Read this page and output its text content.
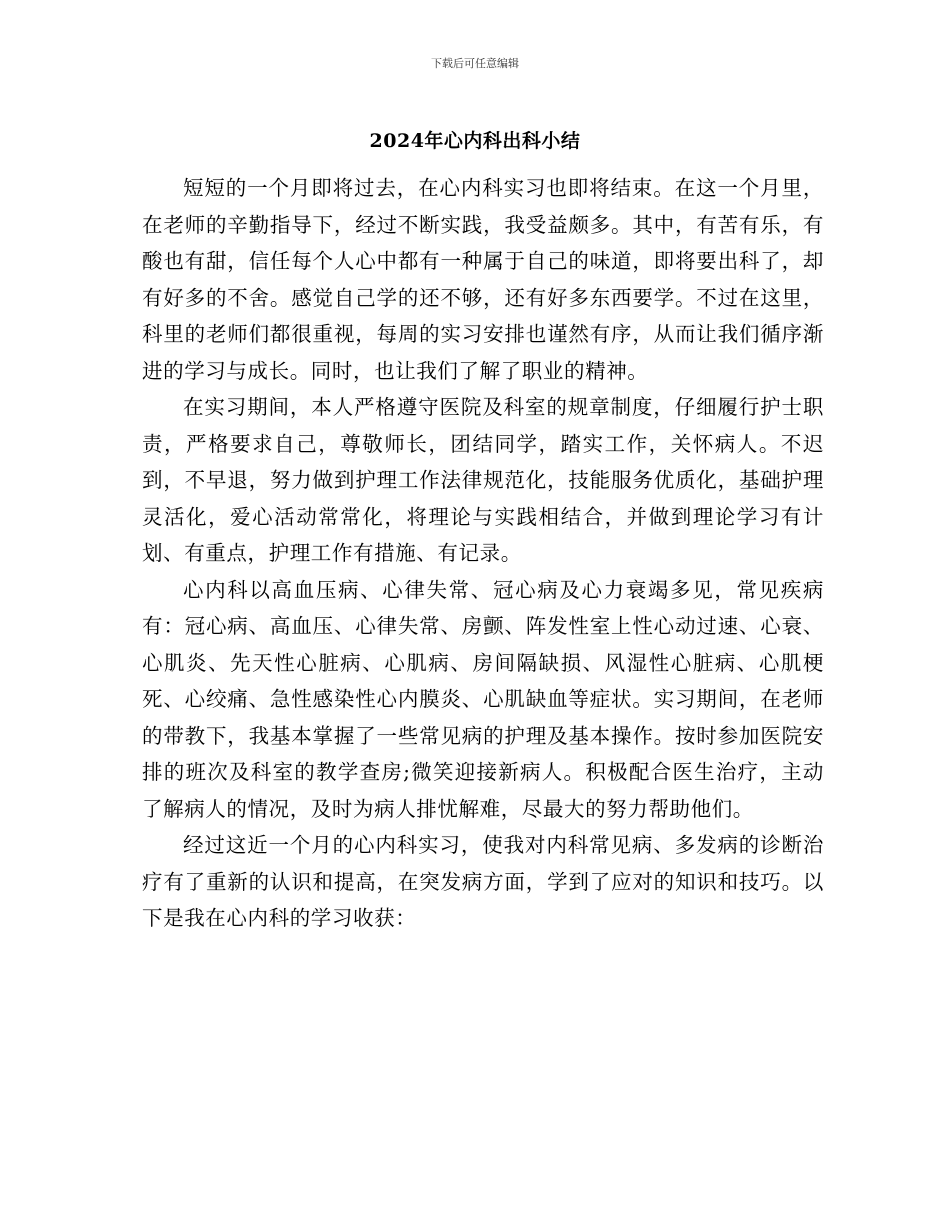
下载后可任意编辑
2024年心内科出科小结

短短的一个月即将过去，在心内科实习也即将结束。在这一个月里，在老师的辛勤指导下，经过不断实践，我受益颇多。其中，有苦有乐，有酸也有甜，信任每个人心中都有一种属于自己的味道，即将要出科了，却有好多的不舍。感觉自己学的还不够，还有好多东西要学。不过在这里，科里的老师们都很重视，每周的实习安排也谨然有序，从而让我们循序渐进的学习与成长。同时，也让我们了解了职业的精神。

在实习期间，本人严格遵守医院及科室的规章制度，仔细履行护士职责，严格要求自己，尊敬师长，团结同学，踏实工作，关怀病人。不迟到，不早退，努力做到护理工作法律规范化，技能服务优质化，基础护理灵活化，爱心活动常常化，将理论与实践相结合，并做到理论学习有计划、有重点，护理工作有措施、有记录。

心内科以高血压病、心律失常、冠心病及心力衰竭多见，常见疾病有：冠心病、高血压、心律失常、房颤、阵发性室上性心动过速、心衰、心肌炎、先天性心脏病、心肌病、房间隔缺损、风湿性心脏病、心肌梗死、心绞痛、急性感染性心内膜炎、心肌缺血等症状。实习期间，在老师的带教下，我基本掌握了一些常见病的护理及基本操作。按时参加医院安排的班次及科室的教学查房;微笑迎接新病人。积极配合医生治疗，主动了解病人的情况，及时为病人排忧解难，尽最大的努力帮助他们。

经过这近一个月的心内科实习，使我对内科常见病、多发病的诊断治疗有了重新的认识和提高，在突发病方面，学到了应对的知识和技巧。以下是我在心内科的学习收获：
